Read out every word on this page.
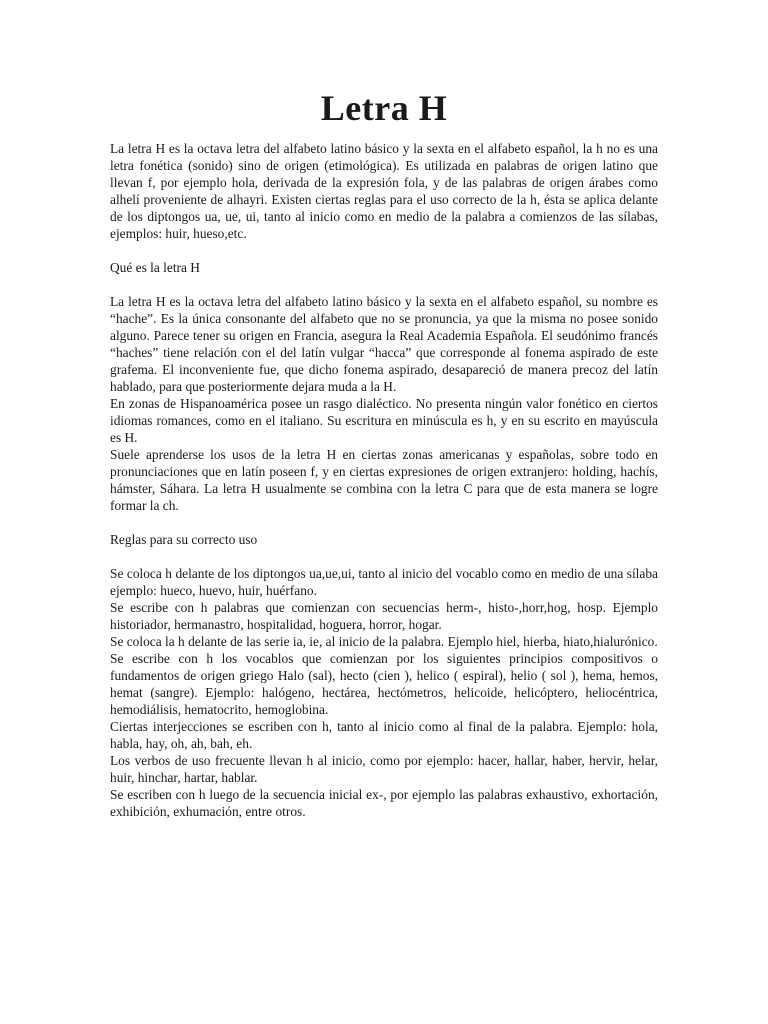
Letra H

La letra H es la octava letra del alfabeto latino básico y la sexta en el alfabeto español, la h no es una letra fonética (sonido) sino de origen (etimológica). Es utilizada en palabras de origen latino que llevan f, por ejemplo hola, derivada de la expresión fola, y de las palabras de origen árabes como alhelí proveniente de alhayri. Existen ciertas reglas para el uso correcto de la h, ésta se aplica delante de los diptongos ua, ue, ui, tanto al inicio como en medio de la palabra a comienzos de las sílabas, ejemplos: huir, hueso,etc.

Qué es la letra H

La letra H es la octava letra del alfabeto latino básico y la sexta en el alfabeto español, su nombre es “hache”. Es la única consonante del alfabeto que no se pronuncia, ya que la misma no posee sonido alguno. Parece tener su origen en Francia, asegura la Real Academia Española. El seudónimo francés “haches” tiene relación con el del latín vulgar “hacca” que corresponde al fonema aspirado de este grafema. El inconveniente fue, que dicho fonema aspirado, desapareció de manera precoz del latín hablado, para que posteriormente dejara muda a la H.

En zonas de Hispanoamérica posee un rasgo dialéctico. No presenta ningún valor fonético en ciertos idiomas romances, como en el italiano. Su escritura en minúscula es h, y en su escrito en mayúscula es H.

Suele aprenderse los usos de la letra H en ciertas zonas americanas y españolas, sobre todo en pronunciaciones que en latín poseen f, y en ciertas expresiones de origen extranjero: holding, hachís, hámster, Sáhara. La letra H usualmente se combina con la letra C para que de esta manera se logre formar la ch.

Reglas para su correcto uso

Se coloca h delante de los diptongos ua,ue,ui, tanto al inicio del vocablo como en medio de una sílaba ejemplo: hueco, huevo, huir, huérfano.

Se escribe con h palabras que comienzan con secuencias herm-, histo-,horr,hog, hosp. Ejemplo historiador, hermanastro, hospitalidad, hoguera, horror, hogar.

Se coloca la h delante de las serie ia, ie, al inicio de la palabra. Ejemplo hiel, hierba, hiato,hialurónico.

Se escribe con h los vocablos que comienzan por los siguientes principios compositivos o fundamentos de origen griego Halo (sal), hecto (cien ), helico ( espiral), helio ( sol ), hema, hemos, hemat (sangre). Ejemplo: halógeno, hectárea, hectómetros, helicoide, helicóptero, heliocéntrica, hemodiálisis, hematocrito, hemoglobina.

Ciertas interjecciones se escriben con h, tanto al inicio como al final de la palabra. Ejemplo: hola, habla, hay, oh, ah, bah, eh.

Los verbos de uso frecuente llevan h al inicio, como por ejemplo: hacer, hallar, haber, hervir, helar, huir, hinchar, hartar, hablar.

Se escriben con h luego de la secuencia inicial ex-, por ejemplo las palabras exhaustivo, exhortación, exhibición, exhumación, entre otros.
